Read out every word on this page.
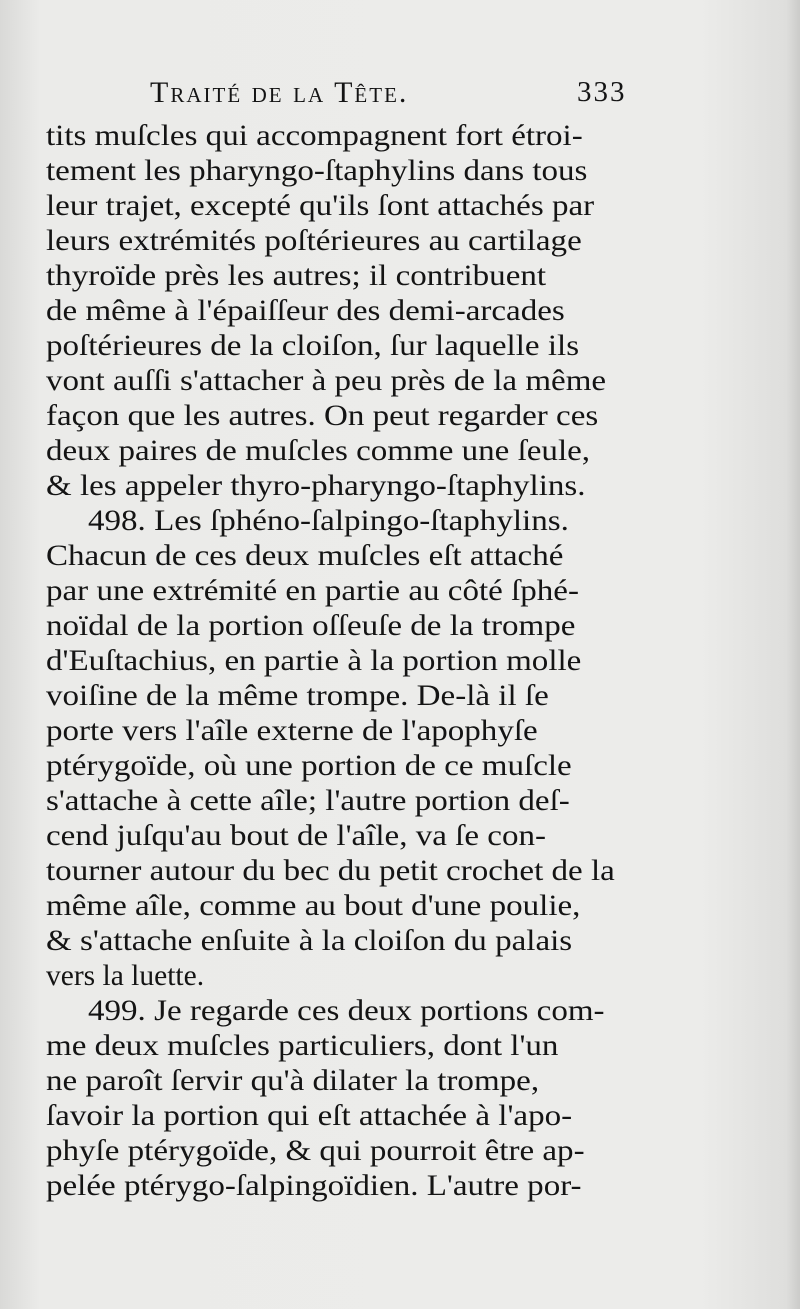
Traité de la Tête.	333
tits muſcles qui accompagnent fort étroi-
tement les pharyngo-ſtaphylins dans tous
leur trajet, excepté qu'ils ſont attachés par
leurs extrémités poſtérieures au cartilage
thyroïde près les autres; il contribuent
de même à l'épaiſſeur des demi-arcades
poſtérieures de la cloiſon, ſur laquelle ils
vont auſſi s'attacher à peu près de la même
façon que les autres. On peut regarder ces
deux paires de muſcles comme une ſeule,
& les appeler thyro-pharyngo-ſtaphylins.
498. Les ſphéno-ſalpingo-ſtaphylins.
Chacun de ces deux muſcles eſt attaché
par une extrémité en partie au côté ſphé-
noïdal de la portion oſſeuſe de la trompe
d'Euſtachius, en partie à la portion molle
voiſine de la même trompe. De-là il ſe
porte vers l'aîle externe de l'apophyſe
ptérygoïde, où une portion de ce muſcle
s'attache à cette aîle; l'autre portion deſ-
cend juſqu'au bout de l'aîle, va ſe con-
tourner autour du bec du petit crochet de la
même aîle, comme au bout d'une poulie,
& s'attache enſuite à la cloiſon du palais
vers la luette.
499. Je regarde ces deux portions com-
me deux muſcles particuliers, dont l'un
ne paroît ſervir qu'à dilater la trompe,
ſavoir la portion qui eſt attachée à l'apo-
phyſe ptérygoïde, & qui pourroit être ap-
pelée ptérygo-ſalpingoïdien. L'autre por-
